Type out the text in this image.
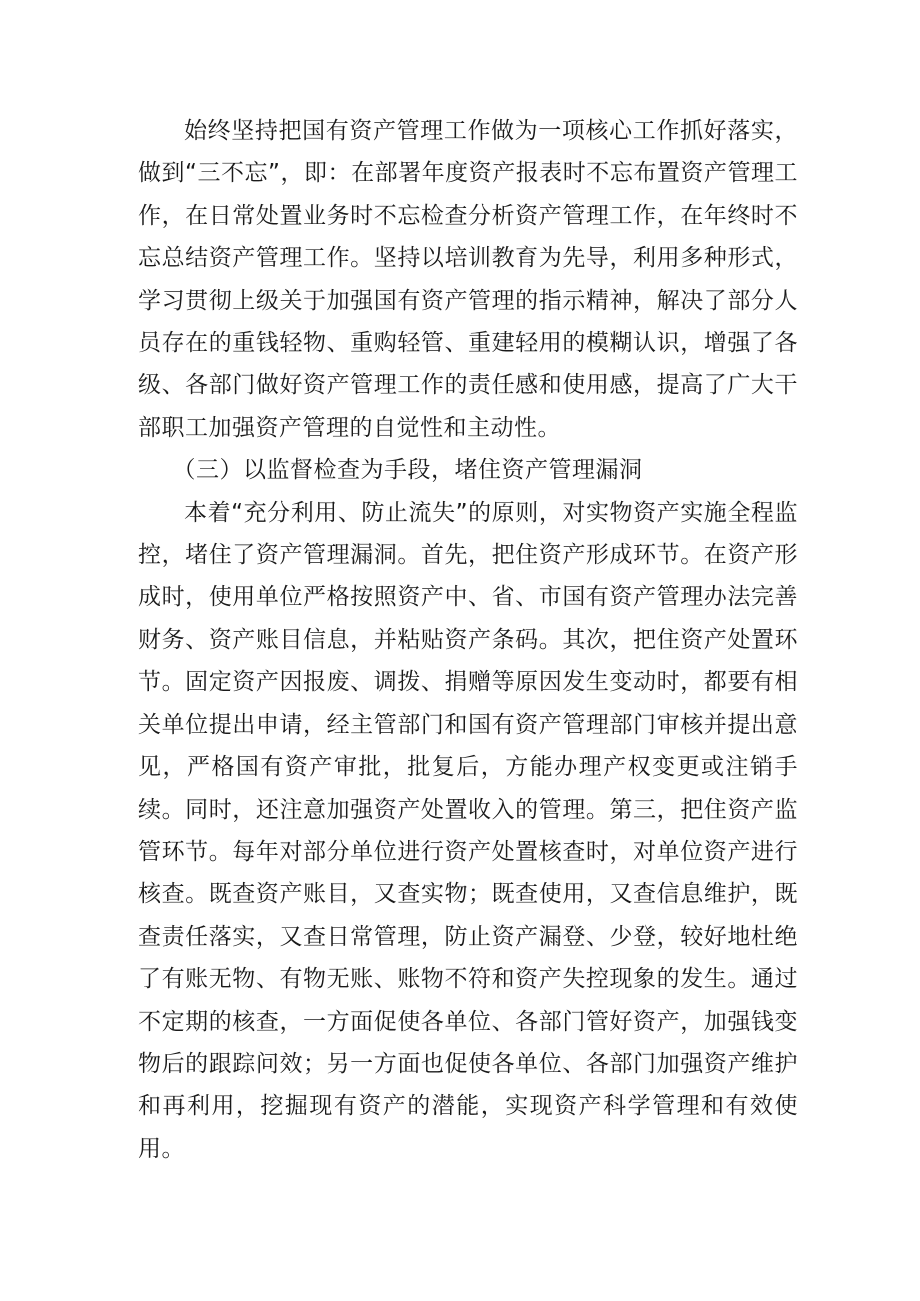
始终坚持把国有资产管理工作做为一项核心工作抓好落实，做到“三不忘”，即：在部署年度资产报表时不忘布置资产管理工作，在日常处置业务时不忘检查分析资产管理工作，在年终时不忘总结资产管理工作。坚持以培训教育为先导，利用多种形式，学习贯彻上级关于加强国有资产管理的指示精神，解决了部分人员存在的重钱轻物、重购轻管、重建轻用的模糊认识，增强了各级、各部门做好资产管理工作的责任感和使用感，提高了广大干部职工加强资产管理的自觉性和主动性。

（三）以监督检查为手段，堵住资产管理漏洞

本着“充分利用、防止流失”的原则，对实物资产实施全程监控，堵住了资产管理漏洞。首先，把住资产形成环节。在资产形成时，使用单位严格按照资产中、省、市国有资产管理办法完善财务、资产账目信息，并粘贴资产条码。其次，把住资产处置环节。固定资产因报废、调拨、捐赠等原因发生变动时，都要有相关单位提出申请，经主管部门和国有资产管理部门审核并提出意见，严格国有资产审批，批复后，方能办理产权变更或注销手续。同时，还注意加强资产处置收入的管理。第三，把住资产监管环节。每年对部分单位进行资产处置核查时，对单位资产进行核查。既查资产账目，又查实物；既查使用，又查信息维护，既查责任落实，又查日常管理，防止资产漏登、少登，较好地杜绝了有账无物、有物无账、账物不符和资产失控现象的发生。通过不定期的核查，一方面促使各单位、各部门管好资产，加强钱变物后的跟踪问效；另一方面也促使各单位、各部门加强资产维护和再利用，挖掘现有资产的潜能，实现资产科学管理和有效使用。
